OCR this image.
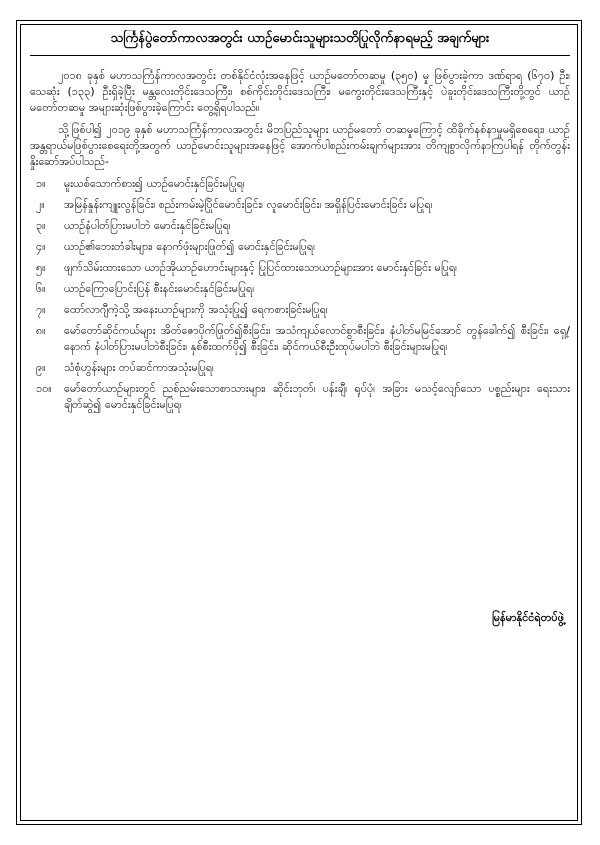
သင်္ကြန်ပွဲတော်ကာလအတွင်း ယာဉ်မောင်းသူများသတိပြုလိုက်နာရမည့် အချက်များ

၂၀၁၈ ခုနှစ် မဟာသင်္ကြန်ကာလအတွင်း တစ်နိုင်ငံလုံးအနေဖြင့် ယာဉ်မတော်တဆမှု (၃၅၀) မှု ဖြစ်ပွားခဲ့ကာ ဒဏ်ရာရ (၆၇၀) ဦး၊ သေဆုံး (၁၃၃) ဦးရှိခဲ့ပြီး မန္တလေးတိုင်းဒေသကြီး၊ စစ်ကိုင်းတိုင်းဒေသကြီး၊ မကွေးတိုင်းဒေသကြီးနှင့် ပဲခူးတိုင်းဒေသကြီးတို့တွင် ယာဉ်မတော်တဆမှု အများဆုံးဖြစ်ပွားခဲ့ကြောင်း တွေ့ရှိရပါသည်။

သို့ဖြစ်ပါ၍ ၂၀၁၉ ခုနှစ် မဟာသင်္ကြန်ကာလအတွင်း မိဘပြည်သူများ ယာဉ်မတော် တဆမှုကြောင့် ထိခိုက်နစ်နာမှုမရှိစေရေး၊ ယာဉ်အန္တရာယ်မဖြစ်ပွားစေရေးတို့အတွက် ယာဉ်မောင်းသူများအနေဖြင့် အောက်ပါစည်းကမ်းချက်များအား တိကျစွာလိုက်နာကြပါရန် တိုက်တွန်း နှိုးဆော်အပ်ပါသည်-

၁။	မူးယစ်သောက်စား၍ ယာဉ်မောင်းနှင်ခြင်းမပြုရ၊
၂။	အမြန်နှုန်းကျူးလွန်ခြင်း၊ စည်းကမ်းမဲ့ပြိုင်မောင်းခြင်း၊ လူမောင်းခြင်း၊ အရှိန်ပြင်းမောင်းခြင်း မပြုရ၊
၃။	ယာဉ်နံပါတ်ပြားမပါဘဲ မောင်းနှင်ခြင်းမပြုရ၊
၄။	ယာဉ်၏ဘေးတံခါးများ၊ နောက်ဖုံးများဖြုတ်၍ မောင်းနှင်ခြင်းမပြုရ၊
၅။	ဖျက်သိမ်းထားသော ယာဉ်အိုယာဉ်ဟောင်းများနှင့် ပြုပြင်ထားသောယာဉ်များအား မောင်းနှင်ခြင်း မပြုရ၊
၆။	ယာဉ်ကြောပြောင်းပြန် စီးနင်းမောင်းနှင်ခြင်းမပြုရ၊
၇။	ထော်လာဂျီကဲ့သို့ အနေးယာဉ်များကို အသုံးပြု၍ ရေကစားခြင်းမပြုရ၊
၈။	မော်တော်ဆိုင်ကယ်များ အိတ်ဇောပိုက်ဖြုတ်၍စီးခြင်း၊ အသံကျယ်လောင်စွာစီးခြင်း၊ နံပါတ်မမြင်အောင် တွန်ခေါက်၍ စီးခြင်း၊ ရှေ့/နောက် နံပါတ်ပြားမပါဘဲစီးခြင်း၊ နှစ်စီးထက်ပို၍ စီးခြင်း၊ ဆိုင်ကယ်စီးဦးထုပ်မပါဘဲ စီးခြင်းများမပြုရ၊
၉။	သံစုံဟွန်းများ တပ်ဆင်ကာအသုံးမပြုရ၊
၁၀။	မော်တော်ယာဉ်များတွင် ညစ်ညမ်းသောစာသားများ၊ ဆိုင်းဘုတ်၊ ပန်းချီ၊ ရုပ်ပုံ၊ အခြား မသင့်လျော်သော ပစ္စည်းများ ရေးသားချိတ်ဆွဲ၍ မောင်းနှင်ခြင်းမပြုရ၊
မြန်မာနိုင်ငံရဲတပ်ဖွဲ့
